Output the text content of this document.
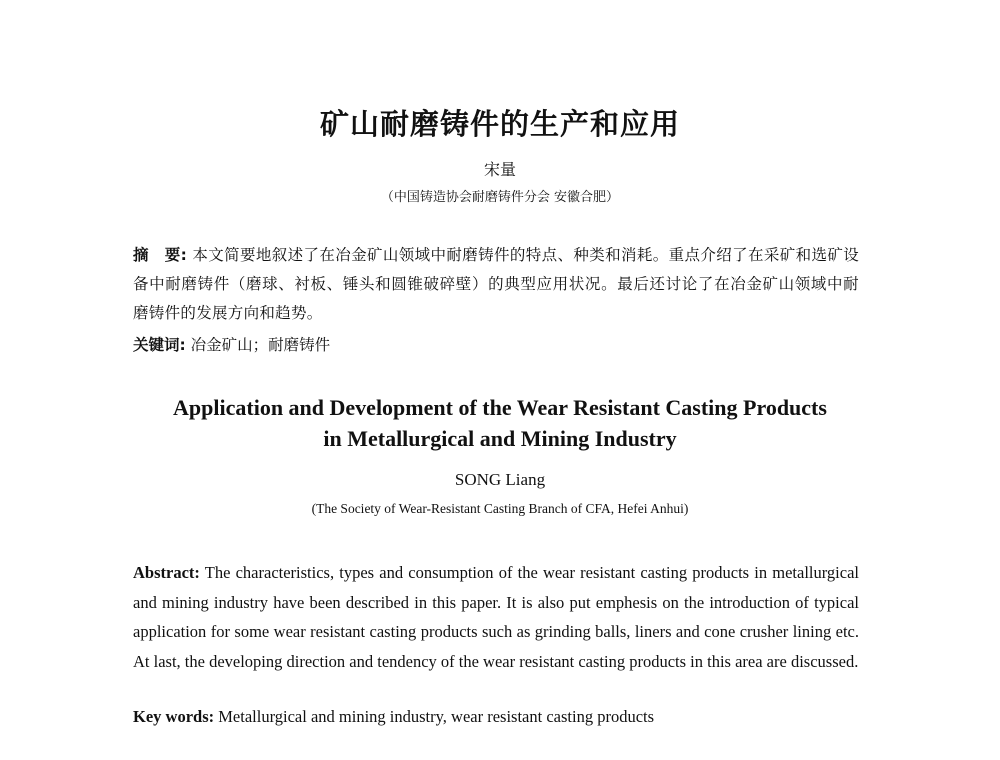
矿山耐磨铸件的生产和应用
宋量
（中国铸造协会耐磨铸件分会 安徽合肥）
摘　要: 本文简要地叙述了在冶金矿山领域中耐磨铸件的特点、种类和消耗。重点介绍了在采矿和选矿设备中耐磨铸件（磨球、衬板、锤头和圆锥破碎壁）的典型应用状况。最后还讨论了在冶金矿山领域中耐磨铸件的发展方向和趋势。
关键词: 冶金矿山；耐磨铸件
Application and Development of the Wear Resistant Casting Products
in Metallurgical and Mining Industry
SONG Liang
(The Society of Wear-Resistant Casting Branch of CFA, Hefei Anhui)
Abstract: The characteristics, types and consumption of the wear resistant casting products in metallurgical and mining industry have been described in this paper. It is also put emphesis on the introduction of typical application for some wear resistant casting products such as grinding balls, liners and cone crusher lining etc. At last, the developing direction and tendency of the wear resistant casting products in this area are discussed.
Key words: Metallurgical and mining industry, wear resistant casting products
